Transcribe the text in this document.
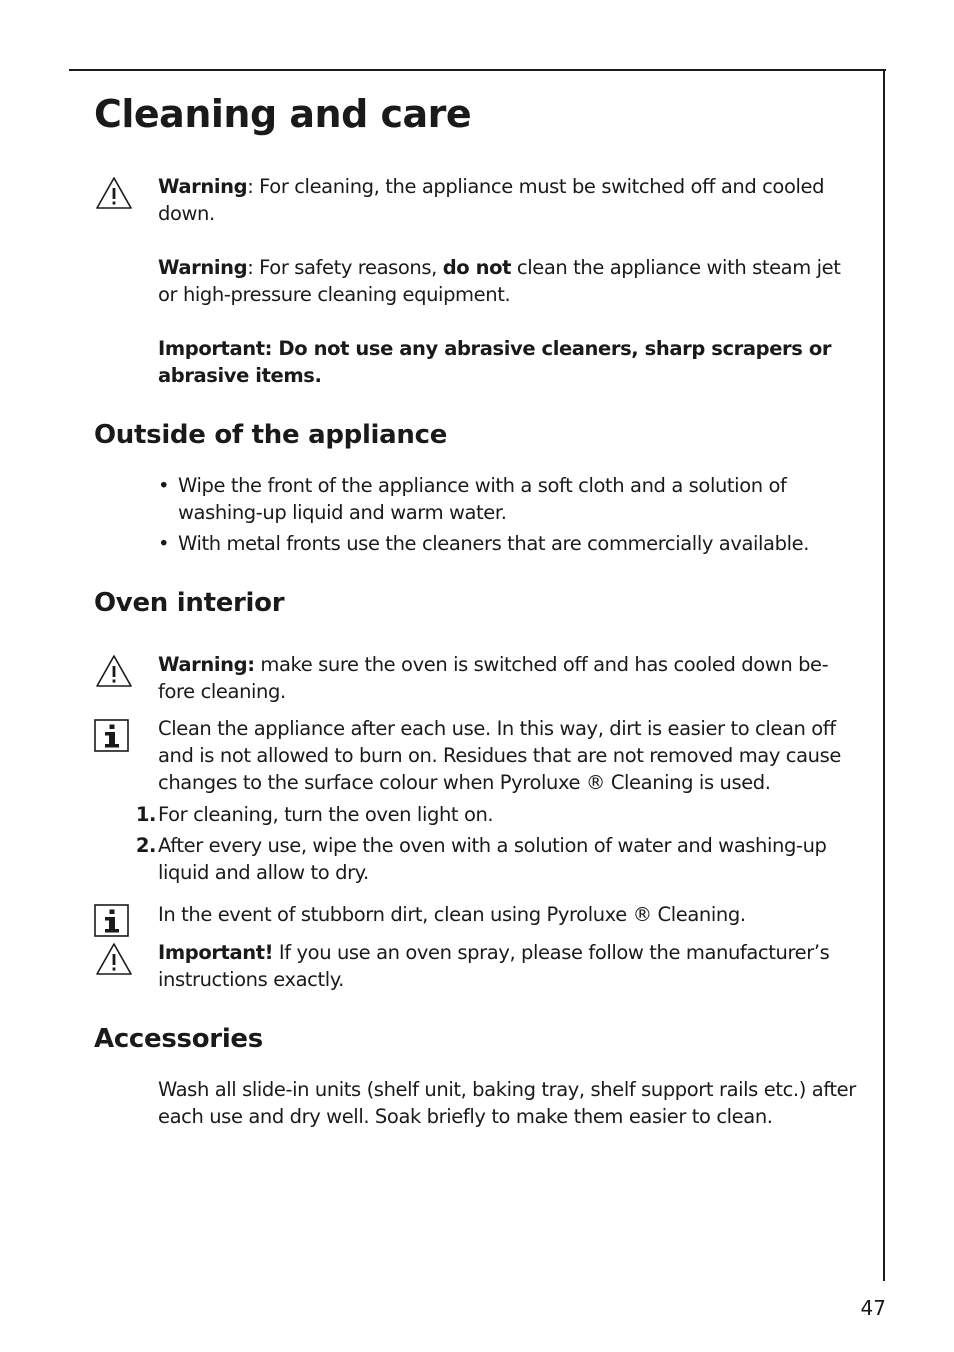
Cleaning and care

Warning: For cleaning, the appliance must be switched off and cooled down.

Warning: For safety reasons, do not clean the appliance with steam jet or high-pressure cleaning equipment.

Important: Do not use any abrasive cleaners, sharp scrapers or abrasive items.

Outside of the appliance
• Wipe the front of the appliance with a soft cloth and a solution of washing-up liquid and warm water.
• With metal fronts use the cleaners that are commercially available.
Oven interior

Warning: make sure the oven is switched off and has cooled down be-fore cleaning.

Clean the appliance after each use. In this way, dirt is easier to clean off and is not allowed to burn on. Residues that are not removed may cause changes to the surface colour when Pyroluxe ® Cleaning is used.

1. For cleaning, turn the oven light on.
2. After every use, wipe the oven with a solution of water and washing-up liquid and allow to dry.

In the event of stubborn dirt, clean using Pyroluxe ® Cleaning.

Important! If you use an oven spray, please follow the manufacturer’s instructions exactly.

Accessories

Wash all slide-in units (shelf unit, baking tray, shelf support rails etc.) after each use and dry well. Soak briefly to make them easier to clean.

47
